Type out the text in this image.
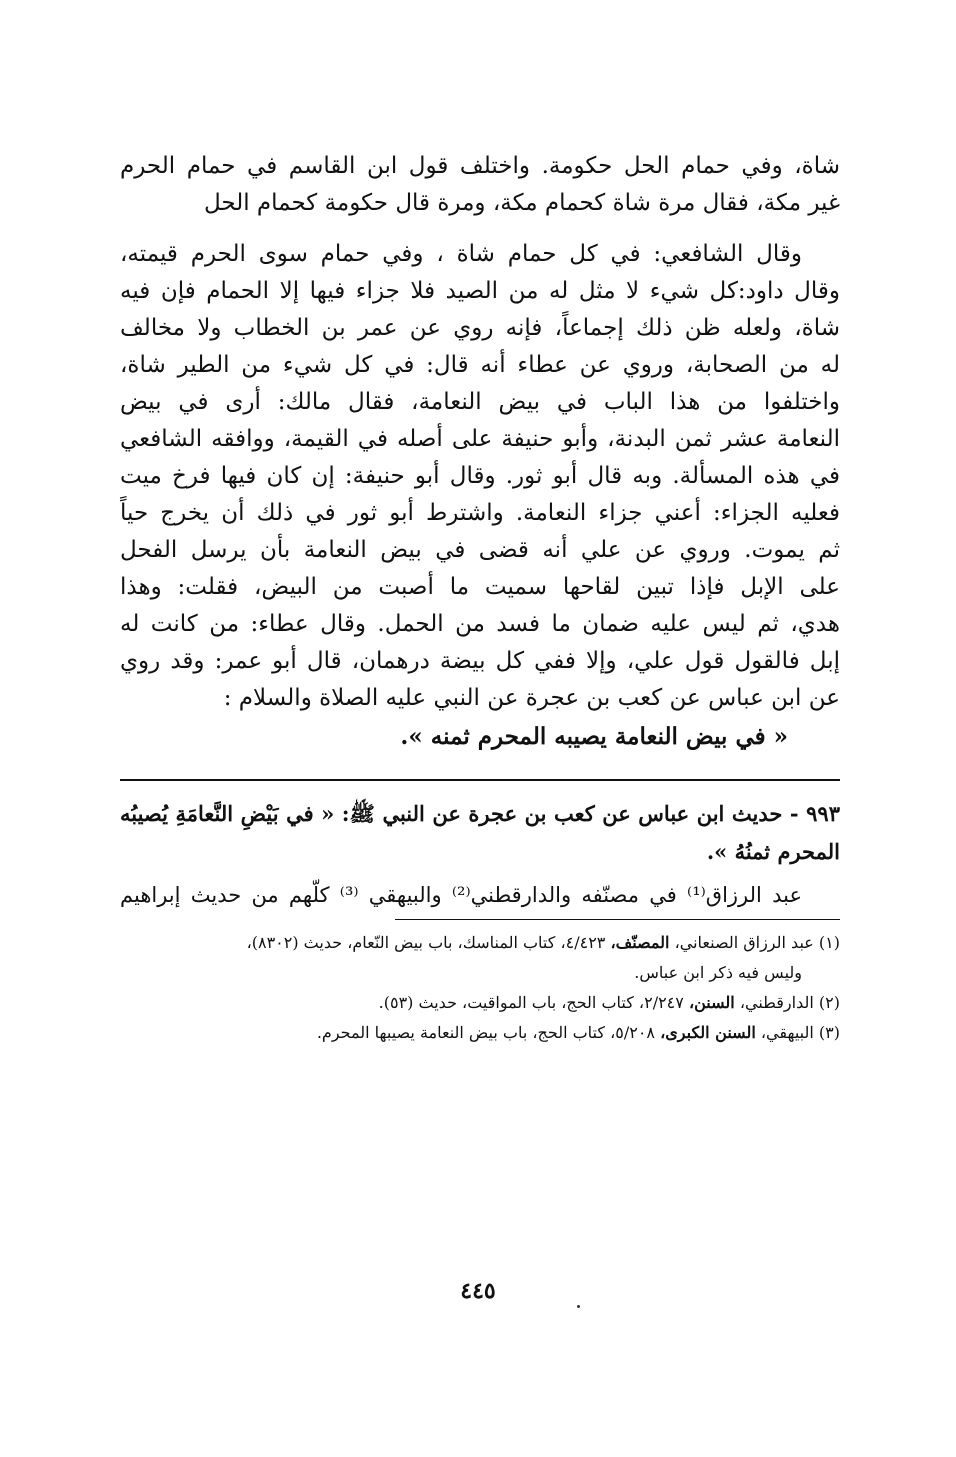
شاة، وفي حمام الحل حكومة. واختلف قول ابن القاسم في حمام الحرم
غير مكة، فقال مرة شاة كحمام مكة، ومرة قال حكومة كحمام الحل
وقال الشافعي: في كل حمام شاة ، وفي حمام سوى الحرم قيمته،
وقال داود:كل شيء لا مثل له من الصيد فلا جزاء فيها إلا الحمام فإن فيه
شاة، ولعله ظن ذلك إجماعاً، فإنه روي عن عمر بن الخطاب ولا مخالف
له من الصحابة، وروي عن عطاء أنه قال: في كل شيء من الطير شاة،
واختلفوا من هذا الباب في بيض النعامة، فقال مالك: أرى في بيض
النعامة عشر ثمن البدنة، وأبو حنيفة على أصله في القيمة، ووافقه الشافعي
في هذه المسألة. وبه قال أبو ثور. وقال أبو حنيفة: إن كان فيها فرخ ميت
فعليه الجزاء: أعني جزاء النعامة. واشترط أبو ثور في ذلك أن يخرج حياً
ثم يموت. وروي عن علي أنه قضى في بيض النعامة بأن يرسل الفحل
على الإبل فإذا تبين لقاحها سميت ما أصبت من البيض، فقلت: وهذا
هدي، ثم ليس عليه ضمان ما فسد من الحمل. وقال عطاء: من كانت له
إبل فالقول قول علي، وإلا ففي كل بيضة درهمان، قال أبو عمر: وقد روي
عن ابن عباس عن كعب بن عجرة عن النبي عليه الصلاة والسلام :
« في بيض النعامة يصيبه المحرم ثمنه ».
٩٩٣ - حديث ابن عباس عن كعب بن عجرة عن النبي ﷺ: « في بَيْضِ النَّعامَةِ يُصيبُه
المحرم ثمنُهُ ».
عبد الرزاق⁽¹⁾ في مصنّفه والدارقطني⁽²⁾ والبيهقي ⁽³⁾ كلّهم من حديث إبراهيم
(١) عبد الرزاق الصنعاني، المصنّف، ٤/٤٢٣، كتاب المناسك، باب بيض النّعام، حديث (٨٣٠٢)،
وليس فيه ذكر ابن عباس.
(٢) الدارقطني، السنن، ٢/٢٤٧، كتاب الحج، باب المواقيت، حديث (٥٣).
(٣) البيهقي، السنن الكبرى، ٥/٢٠٨، كتاب الحج، باب بيض النعامة يصيبها المحرم.
٤٤٥
